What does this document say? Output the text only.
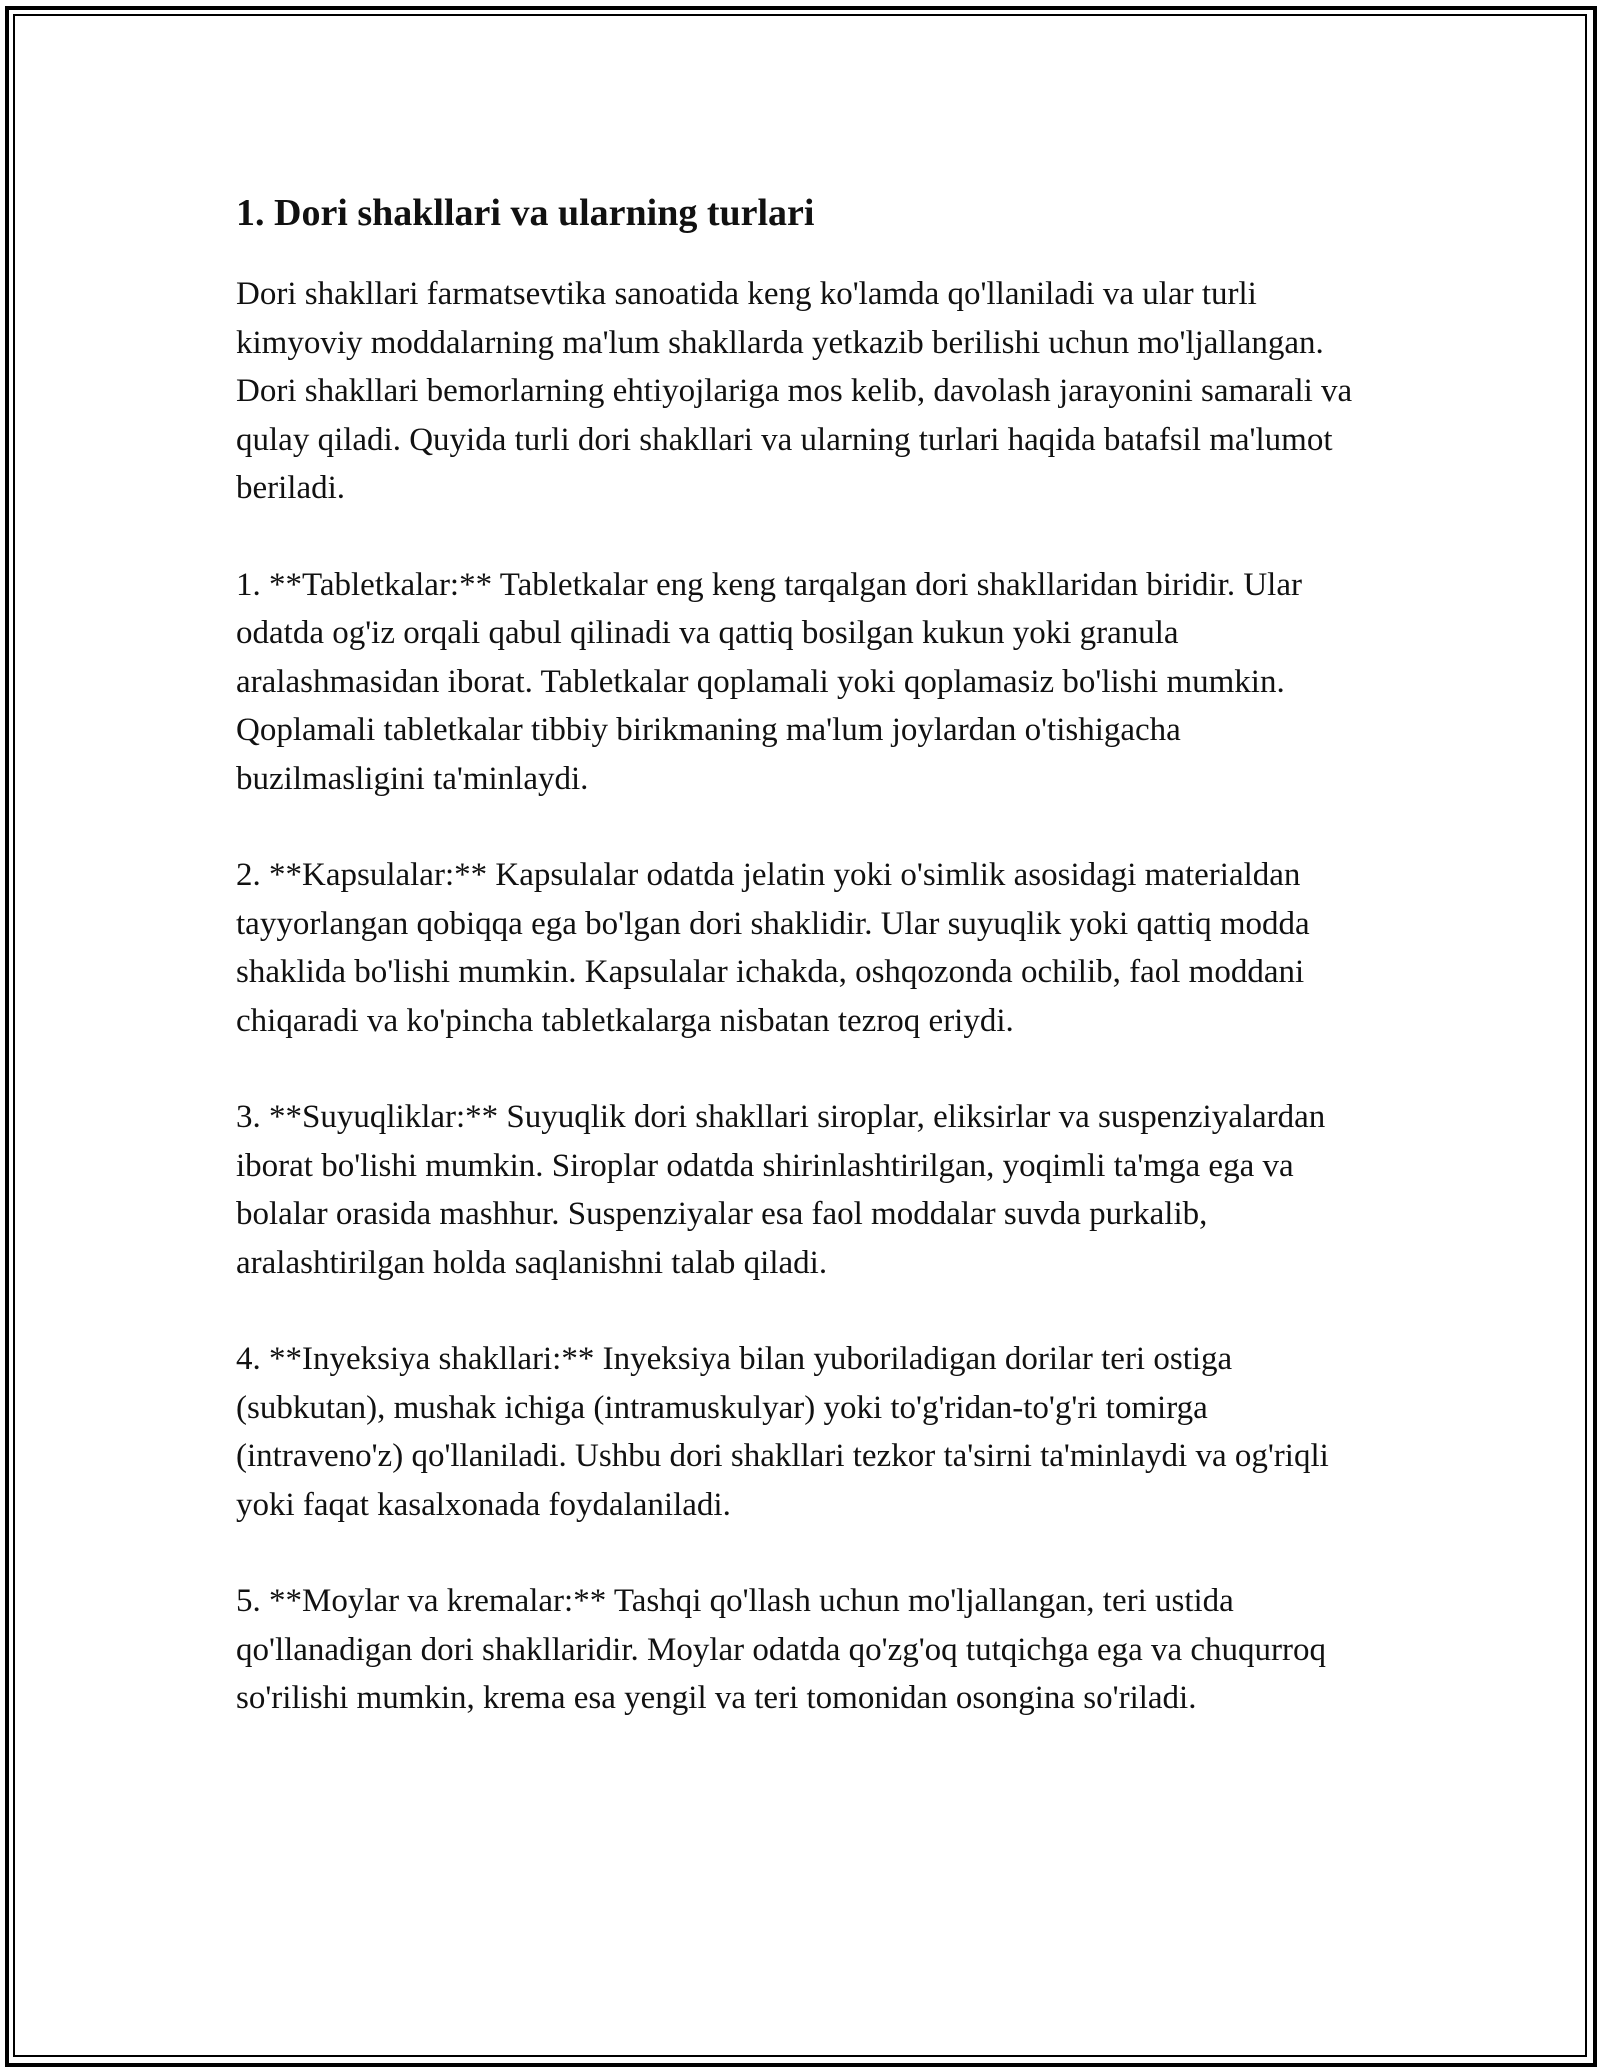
1. Dori shakllari va ularning turlari

Dori shakllari farmatsevtika sanoatida keng ko'lamda qo'llaniladi va ular turli kimyoviy moddalarning ma'lum shakllarda yetkazib berilishi uchun mo'ljallangan. Dori shakllari bemorlarning ehtiyojlariga mos kelib, davolash jarayonini samarali va qulay qiladi. Quyida turli dori shakllari va ularning turlari haqida batafsil ma'lumot beriladi.

1. **Tabletkalar:** Tabletkalar eng keng tarqalgan dori shakllaridan biridir. Ular odatda og'iz orqali qabul qilinadi va qattiq bosilgan kukun yoki granula aralashmasidan iborat. Tabletkalar qoplamali yoki qoplamasiz bo'lishi mumkin. Qoplamali tabletkalar tibbiy birikmaning ma'lum joylardan o'tishigacha buzilmasligini ta'minlaydi.

2. **Kapsulalar:** Kapsulalar odatda jelatin yoki o'simlik asosidagi materialdan tayyorlangan qobiqqa ega bo'lgan dori shaklidir. Ular suyuqlik yoki qattiq modda shaklida bo'lishi mumkin. Kapsulalar ichakda, oshqozonda ochilib, faol moddani chiqaradi va ko'pincha tabletkalarga nisbatan tezroq eriydi.

3. **Suyuqliklar:** Suyuqlik dori shakllari siroplar, eliksirlar va suspenziyalardan iborat bo'lishi mumkin. Siroplar odatda shirinlashtirilgan, yoqimli ta'mga ega va bolalar orasida mashhur. Suspenziyalar esa faol moddalar suvda purkalib, aralashtirilgan holda saqlanishni talab qiladi.

4. **Inyeksiya shakllari:** Inyeksiya bilan yuboriladigan dorilar teri ostiga (subkutan), mushak ichiga (intramuskulyar) yoki to'g'ridan-to'g'ri tomirga (intraveno'z) qo'llaniladi. Ushbu dori shakllari tezkor ta'sirni ta'minlaydi va og'riqli yoki faqat kasalxonada foydalaniladi.

5. **Moylar va kremalar:** Tashqi qo'llash uchun mo'ljallangan, teri ustida qo'llanadigan dori shakllaridir. Moylar odatda qo'zg'oq tutqichga ega va chuqurroq so'rilishi mumkin, krema esa yengil va teri tomonidan osongina so'riladi.
